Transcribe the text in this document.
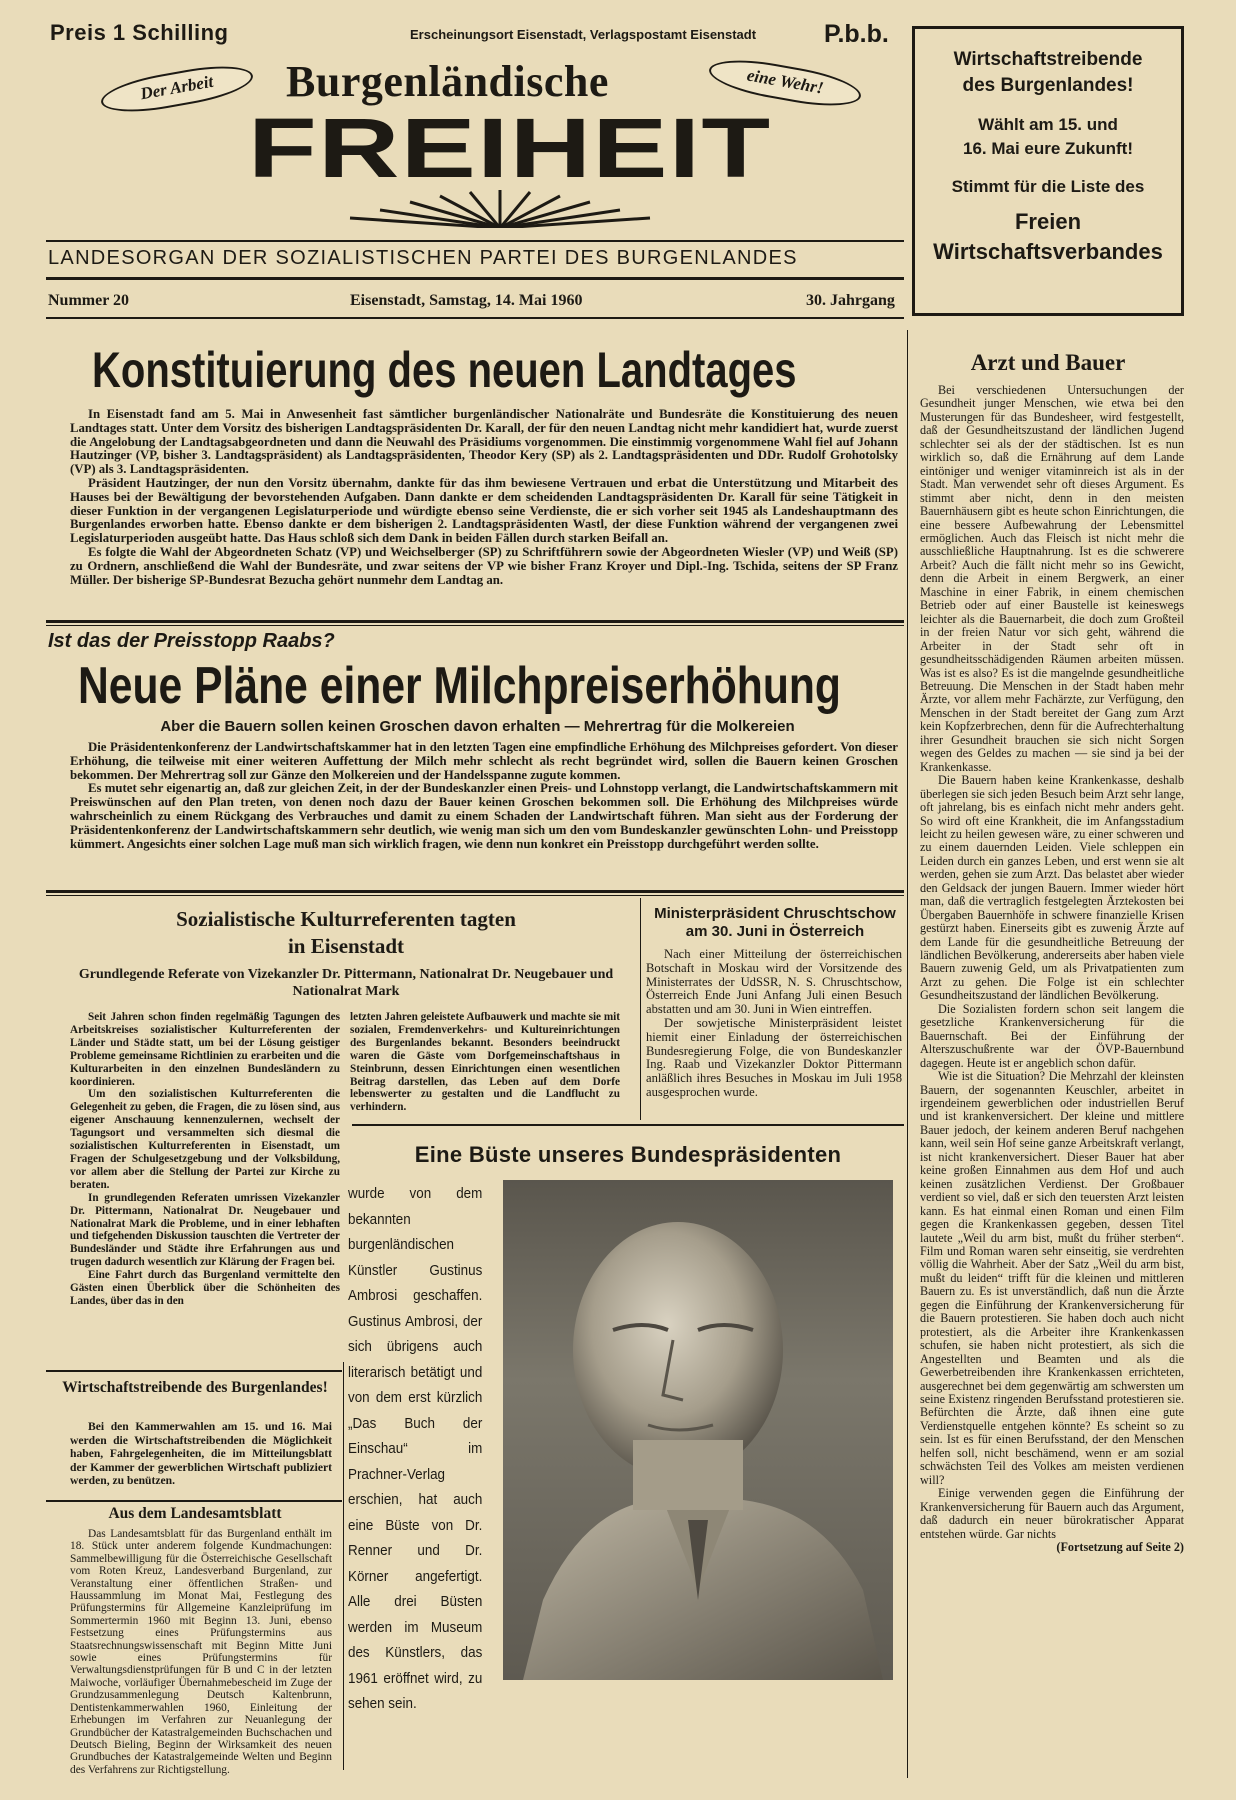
Preis 1 Schilling	Erscheinungsort Eisenstadt, Verlagspostamt Eisenstadt	P.b.b.
Der Arbeit	eine Wehr!
Burgenländische
FREIHEIT
LANDESORGAN DER SOZIALISTISCHEN PARTEI DES BURGENLANDES
Nummer 20	Eisenstadt, Samstag, 14. Mai 1960	30. Jahrgang
Wirtschaftstreibende
des Burgenlandes!
Wählt am 15. und
16. Mai eure Zukunft!
Stimmt für die Liste des
Freien
Wirtschaftsverbandes
Konstituierung des neuen Landtages

In Eisenstadt fand am 5. Mai in Anwesenheit fast sämtlicher burgenländischer Nationalräte und Bundesräte die Konstituierung des neuen Landtages statt. Unter dem Vorsitz des bisherigen Landtagspräsidenten Dr. Karall, der für den neuen Landtag nicht mehr kandidiert hat, wurde zuerst die Angelobung der Landtagsabgeordneten und dann die Neuwahl des Präsidiums vorgenommen. Die einstimmig vorgenommene Wahl fiel auf Johann Hautzinger (VP, bisher 3. Landtagspräsident) als Landtagspräsidenten, Theodor Kery (SP) als 2. Landtagspräsidenten und DDr. Rudolf Grohotolsky (VP) als 3. Landtagspräsidenten.

Präsident Hautzinger, der nun den Vorsitz übernahm, dankte für das ihm bewiesene Vertrauen und erbat die Unterstützung und Mitarbeit des Hauses bei der Bewältigung der bevorstehenden Aufgaben. Dann dankte er dem scheidenden Landtagspräsidenten Dr. Karall für seine Tätigkeit in dieser Funktion in der vergangenen Legislaturperiode und würdigte ebenso seine Verdienste, die er sich vorher seit 1945 als Landeshauptmann des Burgenlandes erworben hatte. Ebenso dankte er dem bisherigen 2. Landtagspräsidenten Wastl, der diese Funktion während der vergangenen zwei Legislaturperioden ausgeübt hatte. Das Haus schloß sich dem Dank in beiden Fällen durch starken Beifall an.

Es folgte die Wahl der Abgeordneten Schatz (VP) und Weichselberger (SP) zu Schriftführern sowie der Abgeordneten Wiesler (VP) und Weiß (SP) zu Ordnern, anschließend die Wahl der Bundesräte, und zwar seitens der VP wie bisher Franz Kroyer und Dipl.-Ing. Tschida, seitens der SP Franz Müller. Der bisherige SP-Bundesrat Bezucha gehört nunmehr dem Landtag an.

Ist das der Preisstopp Raabs?
Neue Pläne einer Milchpreiserhöhung
Aber die Bauern sollen keinen Groschen davon erhalten — Mehrertrag für die Molkereien

Die Präsidentenkonferenz der Landwirtschaftskammer hat in den letzten Tagen eine empfindliche Erhöhung des Milchpreises gefordert. Von dieser Erhöhung, die teilweise mit einer weiteren Auffettung der Milch mehr schlecht als recht begründet wird, sollen die Bauern keinen Groschen bekommen. Der Mehrertrag soll zur Gänze den Molkereien und der Handelsspanne zugute kommen.

Es mutet sehr eigenartig an, daß zur gleichen Zeit, in der der Bundeskanzler einen Preis- und Lohnstopp verlangt, die Landwirtschaftskammern mit Preiswünschen auf den Plan treten, von denen noch dazu der Bauer keinen Groschen bekommen soll. Die Erhöhung des Milchpreises würde wahrscheinlich zu einem Rückgang des Verbrauches und damit zu einem Schaden der Landwirtschaft führen. Man sieht aus der Forderung der Präsidentenkonferenz der Landwirtschaftskammern sehr deutlich, wie wenig man sich um den vom Bundeskanzler gewünschten Lohn- und Preisstopp kümmert. Angesichts einer solchen Lage muß man sich wirklich fragen, wie denn nun konkret ein Preisstopp durchgeführt werden sollte.

Sozialistische Kulturreferenten tagten
in Eisenstadt
Grundlegende Referate von Vizekanzler Dr. Pittermann, Nationalrat Dr. Neugebauer und Nationalrat Mark

Seit Jahren schon finden regelmäßig Tagungen des Arbeitskreises sozialistischer Kulturreferenten der Länder und Städte statt, um bei der Lösung geistiger Probleme gemeinsame Richtlinien zu erarbeiten und die Kulturarbeiten in den einzelnen Bundesländern zu koordinieren.

Um den sozialistischen Kulturreferenten die Gelegenheit zu geben, die Fragen, die zu lösen sind, aus eigener Anschauung kennenzulernen, wechselt der Tagungsort und versammelten sich diesmal die sozialistischen Kulturreferenten in Eisenstadt, um Fragen der Schulgesetzgebung und der Volksbildung, vor allem aber die Stellung der Partei zur Kirche zu beraten.

In grundlegenden Referaten umrissen Vizekanzler Dr. Pittermann, Nationalrat Dr. Neugebauer und Nationalrat Mark die Probleme, und in einer lebhaften und tiefgehenden Diskussion tauschten die Vertreter der Bundesländer und Städte ihre Erfahrungen aus und trugen dadurch wesentlich zur Klärung der Fragen bei.

Eine Fahrt durch das Burgenland vermittelte den Gästen einen Überblick über die Schönheiten des Landes, über das in den

letzten Jahren geleistete Aufbauwerk und machte sie mit sozialen, Fremdenverkehrs- und Kultureinrichtungen des Burgenlandes bekannt. Besonders beeindruckt waren die Gäste vom Dorfgemeinschaftshaus in Steinbrunn, dessen Einrichtungen einen wesentlichen Beitrag darstellen, das Leben auf dem Dorfe lebenswerter zu gestalten und die Landflucht zu verhindern.

Ministerpräsident Chruschtschow
am 30. Juni in Österreich

Nach einer Mitteilung der österreichischen Botschaft in Moskau wird der Vorsitzende des Ministerrates der UdSSR, N. S. Chruschtschow, Österreich Ende Juni Anfang Juli einen Besuch abstatten und am 30. Juni in Wien eintreffen.

Der sowjetische Ministerpräsident leistet hiemit einer Einladung der österreichischen Bundesregierung Folge, die von Bundeskanzler Ing. Raab und Vizekanzler Doktor Pittermann anläßlich ihres Besuches in Moskau im Juli 1958 ausgesprochen wurde.

Eine Büste unseres Bundespräsidenten
wurde von dem bekannten burgenländischen Künstler Gustinus Ambrosi geschaffen. Gustinus Ambrosi, der sich übrigens auch literarisch betätigt und von dem erst kürzlich „Das Buch der Einschau“ im Prachner-Verlag erschien, hat auch eine Büste von Dr. Renner und Dr. Körner angefertigt. Alle drei Büsten werden im Museum des Künstlers, das 1961 eröffnet wird, zu sehen sein.
Wirtschaftstreibende des Burgenlandes!

Bei den Kammerwahlen am 15. und 16. Mai werden die Wirtschaftstreibenden die Möglichkeit haben, Fahrgelegenheiten, die im Mitteilungsblatt der Kammer der gewerblichen Wirtschaft publiziert werden, zu benützen.

Aus dem Landesamtsblatt

Das Landesamtsblatt für das Burgenland enthält im 18. Stück unter anderem folgende Kundmachungen: Sammelbewilligung für die Österreichische Gesellschaft vom Roten Kreuz, Landesverband Burgenland, zur Veranstaltung einer öffentlichen Straßen- und Haussammlung im Monat Mai, Festlegung des Prüfungstermins für Allgemeine Kanzleiprüfung im Sommertermin 1960 mit Beginn 13. Juni, ebenso Festsetzung eines Prüfungstermins aus Staatsrechnungswissenschaft mit Beginn Mitte Juni sowie eines Prüfungstermins für Verwaltungsdienstprüfungen für B und C in der letzten Maiwoche, vorläufiger Übernahmebescheid im Zuge der Grundzusammenlegung Deutsch Kaltenbrunn, Dentistenkammerwahlen 1960, Einleitung der Erhebungen im Verfahren zur Neuanlegung der Grundbücher der Katastralgemeinden Buchschachen und Deutsch Bieling, Beginn der Wirksamkeit des neuen Grundbuches der Katastralgemeinde Welten und Beginn des Verfahrens zur Richtigstellung.

Arzt und Bauer

Bei verschiedenen Untersuchungen der Gesundheit junger Menschen, wie etwa bei den Musterungen für das Bundesheer, wird festgestellt, daß der Gesundheitszustand der ländlichen Jugend schlechter sei als der der städtischen. Ist es nun wirklich so, daß die Ernährung auf dem Lande eintöniger und weniger vitaminreich ist als in der Stadt. Man verwendet sehr oft dieses Argument. Es stimmt aber nicht, denn in den meisten Bauernhäusern gibt es heute schon Einrichtungen, die eine bessere Aufbewahrung der Lebensmittel ermöglichen. Auch das Fleisch ist nicht mehr die ausschließliche Hauptnahrung. Ist es die schwerere Arbeit? Auch die fällt nicht mehr so ins Gewicht, denn die Arbeit in einem Bergwerk, an einer Maschine in einer Fabrik, in einem chemischen Betrieb oder auf einer Baustelle ist keineswegs leichter als die Bauernarbeit, die doch zum Großteil in der freien Natur vor sich geht, während die Arbeiter in der Stadt sehr oft in gesundheitsschädigenden Räumen arbeiten müssen. Was ist es also? Es ist die mangelnde gesundheitliche Betreuung. Die Menschen in der Stadt haben mehr Ärzte, vor allem mehr Fachärzte, zur Verfügung, den Menschen in der Stadt bereitet der Gang zum Arzt kein Kopfzerbrechen, denn für die Aufrechterhaltung ihrer Gesundheit brauchen sie sich nicht Sorgen wegen des Geldes zu machen — sie sind ja bei der Krankenkasse.

Die Bauern haben keine Krankenkasse, deshalb überlegen sie sich jeden Besuch beim Arzt sehr lange, oft jahrelang, bis es einfach nicht mehr anders geht. So wird oft eine Krankheit, die im Anfangsstadium leicht zu heilen gewesen wäre, zu einer schweren und zu einem dauernden Leiden. Viele schleppen ein Leiden durch ein ganzes Leben, und erst wenn sie alt werden, gehen sie zum Arzt. Das belastet aber wieder den Geldsack der jungen Bauern. Immer wieder hört man, daß die vertraglich festgelegten Ärztekosten bei Übergaben Bauernhöfe in schwere finanzielle Krisen gestürzt haben. Einerseits gibt es zuwenig Ärzte auf dem Lande für die gesundheitliche Betreuung der ländlichen Bevölkerung, andererseits aber haben viele Bauern zuwenig Geld, um als Privatpatienten zum Arzt zu gehen. Die Folge ist ein schlechter Gesundheitszustand der ländlichen Bevölkerung.

Die Sozialisten fordern schon seit langem die gesetzliche Krankenversicherung für die Bauernschaft. Bei der Einführung der Alterszuschußrente war der ÖVP-Bauernbund dagegen. Heute ist er angeblich schon dafür.

Wie ist die Situation? Die Mehrzahl der kleinsten Bauern, der sogenannten Keuschler, arbeitet in irgendeinem gewerblichen oder industriellen Beruf und ist krankenversichert. Der kleine und mittlere Bauer jedoch, der keinem anderen Beruf nachgehen kann, weil sein Hof seine ganze Arbeitskraft verlangt, ist nicht krankenversichert. Dieser Bauer hat aber keine großen Einnahmen aus dem Hof und auch keinen zusätzlichen Verdienst. Der Großbauer verdient so viel, daß er sich den teuersten Arzt leisten kann. Es hat einmal einen Roman und einen Film gegen die Krankenkassen gegeben, dessen Titel lautete „Weil du arm bist, mußt du früher sterben“. Film und Roman waren sehr einseitig, sie verdrehten völlig die Wahrheit. Aber der Satz „Weil du arm bist, mußt du leiden“ trifft für die kleinen und mittleren Bauern zu. Es ist unverständlich, daß nun die Ärzte gegen die Einführung der Krankenversicherung für die Bauern protestieren. Sie haben doch auch nicht protestiert, als die Arbeiter ihre Krankenkassen schufen, sie haben nicht protestiert, als sich die Angestellten und Beamten und als die Gewerbetreibenden ihre Krankenkassen errichteten, ausgerechnet bei dem gegenwärtig am schwersten um seine Existenz ringenden Berufsstand protestieren sie. Befürchten die Ärzte, daß ihnen eine gute Verdienstquelle entgehen könnte? Es scheint so zu sein. Ist es für einen Berufsstand, der den Menschen helfen soll, nicht beschämend, wenn er am sozial schwächsten Teil des Volkes am meisten verdienen will?

Einige verwenden gegen die Einführung der Krankenversicherung für Bauern auch das Argument, daß dadurch ein neuer bürokratischer Apparat entstehen würde. Gar nichts

(Fortsetzung auf Seite 2)
